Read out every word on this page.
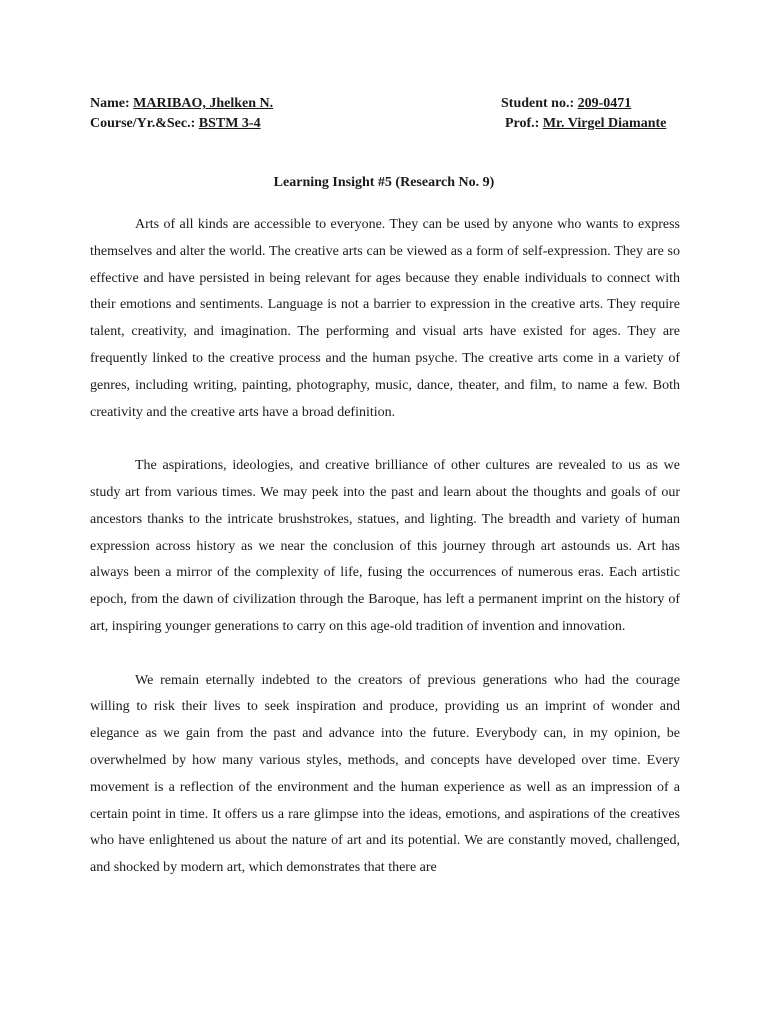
Name: MARIBAO, Jhelken N.	Student no.: 209-0471
Course/Yr.&Sec.: BSTM 3-4	Prof.: Mr. Virgel Diamante
Learning Insight #5 (Research No. 9)

Arts of all kinds are accessible to everyone. They can be used by anyone who wants to express themselves and alter the world. The creative arts can be viewed as a form of self-expression. They are so effective and have persisted in being relevant for ages because they enable individuals to connect with their emotions and sentiments. Language is not a barrier to expression in the creative arts. They require talent, creativity, and imagination. The performing and visual arts have existed for ages. They are frequently linked to the creative process and the human psyche. The creative arts come in a variety of genres, including writing, painting, photography, music, dance, theater, and film, to name a few. Both creativity and the creative arts have a broad definition.

The aspirations, ideologies, and creative brilliance of other cultures are revealed to us as we study art from various times. We may peek into the past and learn about the thoughts and goals of our ancestors thanks to the intricate brushstrokes, statues, and lighting. The breadth and variety of human expression across history as we near the conclusion of this journey through art astounds us. Art has always been a mirror of the complexity of life, fusing the occurrences of numerous eras. Each artistic epoch, from the dawn of civilization through the Baroque, has left a permanent imprint on the history of art, inspiring younger generations to carry on this age-old tradition of invention and innovation.

We remain eternally indebted to the creators of previous generations who had the courage willing to risk their lives to seek inspiration and produce, providing us an imprint of wonder and elegance as we gain from the past and advance into the future. Everybody can, in my opinion, be overwhelmed by how many various styles, methods, and concepts have developed over time. Every movement is a reflection of the environment and the human experience as well as an impression of a certain point in time. It offers us a rare glimpse into the ideas, emotions, and aspirations of the creatives who have enlightened us about the nature of art and its potential. We are constantly moved, challenged, and shocked by modern art, which demonstrates that there are
